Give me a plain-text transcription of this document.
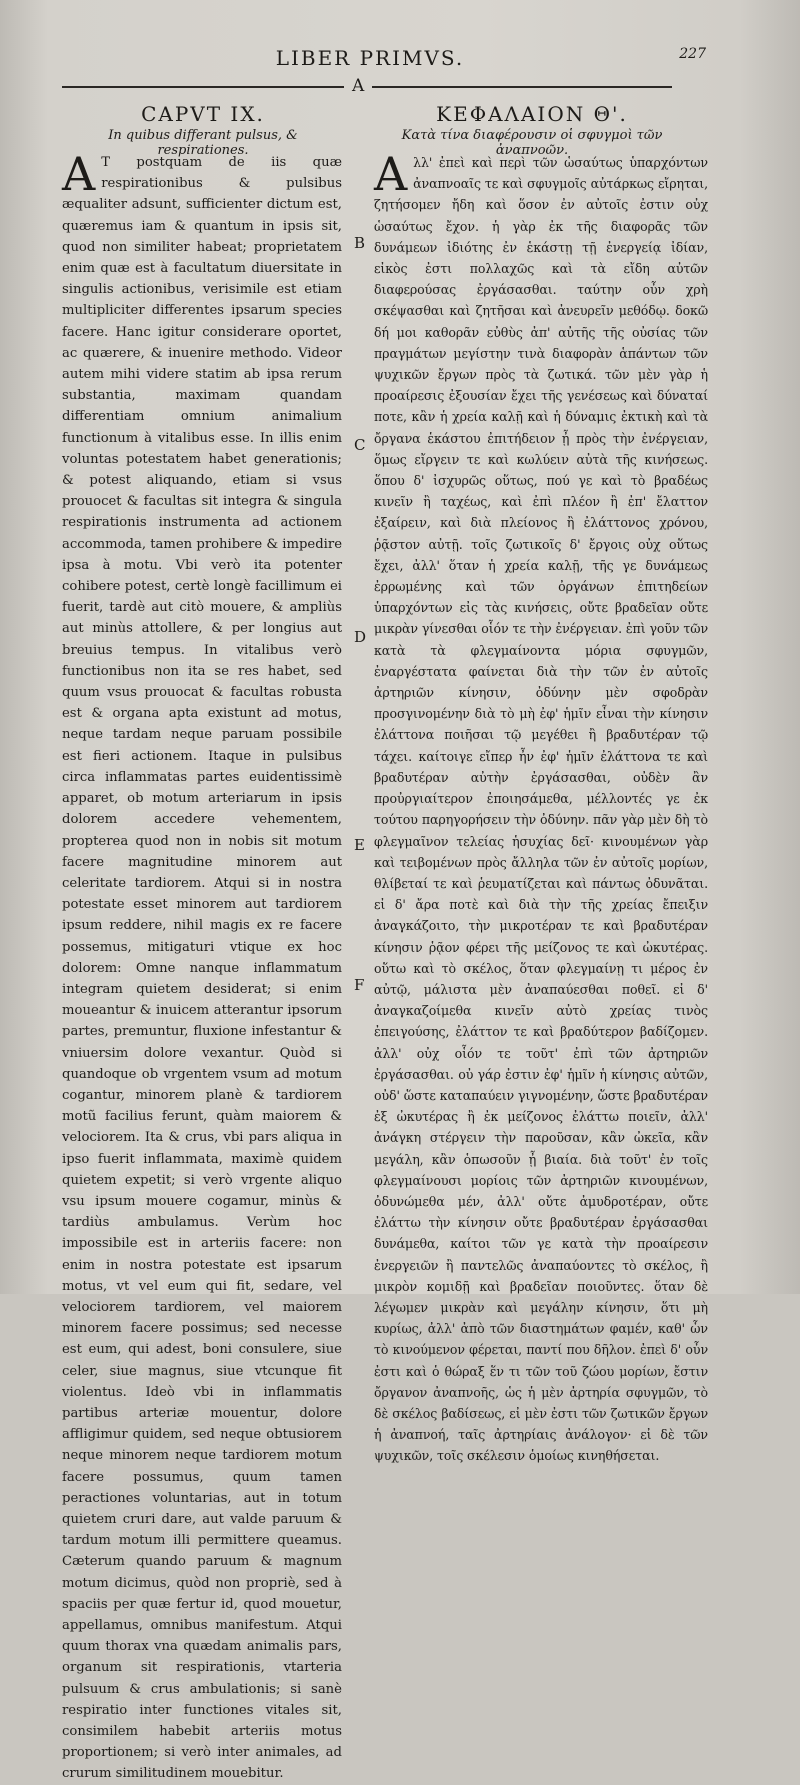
LIBER PRIMVS.	227
A
CAPVT IX.	ΚΕΦΑΛΑΙΟΝ Θ'.
In quibus differant pulsus, & respirationes.
Κατὰ τίνα διαφέρουσιν οἱ σφυγμοὶ τῶν ἀναπνοῶν.

A T postquam de iis quæ respirationibus & pulsibus æqualiter adsunt, sufficienter dictum est, quæremus iam & quantum in ipsis sit, quod non similiter habeat; proprietatem enim quæ est à facultatum diuersitate in singulis actionibus, verisimile est etiam multipliciter differentes ipsarum species facere. Hanc igitur considerare oportet, ac quærere, & inuenire methodo. Videor autem mihi videre statim ab ipsa rerum substantia, maximam quandam differentiam omnium animalium functionum à vitalibus esse. In illis enim voluntas potestatem habet generationis; & potest aliquando, etiam si vsus prouocet & facultas sit integra & singula respirationis instrumenta ad actionem accommoda, tamen prohibere & impedire ipsa à motu. Vbi verò ita potenter cohibere potest, certè longè facillimum ei fuerit, tardè aut citò mouere, & ampliùs aut minùs attollere, & per longius aut breuius tempus. In vitalibus verò functionibus non ita se res habet, sed quum vsus prouocat & facultas robusta est & organa apta existunt ad motus, neque tardam neque paruam possibile est fieri actionem. Itaque in pulsibus circa inflammatas partes euidentissimè apparet, ob motum arteriarum in ipsis dolorem accedere vehementem, propterea quod non in nobis sit motum facere magnitudine minorem aut celeritate tardiorem. Atqui si in nostra potestate esset minorem aut tardiorem ipsum reddere, nihil magis ex re facere possemus, mitigaturi vtique ex hoc dolorem: Omne nanque inflammatum integram quietem desiderat; si enim moueantur & inuicem atterantur ipsorum partes, premuntur, fluxione infestantur & vniuersim dolore vexantur. Quòd si quandoque ob vrgentem vsum ad motum cogantur, minorem planè & tardiorem motũ facilius ferunt, quàm maiorem & velociorem. Ita & crus, vbi pars aliqua in ipso fuerit inflammata, maximè quidem quietem expetit; si verò vrgente aliquo vsu ipsum mouere cogamur, minùs & tardiùs ambulamus. Verùm hoc impossibile est in arteriis facere: non enim in nostra potestate est ipsarum motus, vt vel eum qui fit, sedare, vel velociorem tardiorem, vel maiorem minorem facere possimus; sed necesse est eum, qui adest, boni consulere, siue celer, siue magnus, siue vtcunque fit violentus. Ideò vbi in inflammatis partibus arteriæ mouentur, dolore affligimur quidem, sed neque obtusiorem neque minorem neque tardiorem motum facere possumus, quum tamen peractiones voluntarias, aut in totum quietem cruri dare, aut valde paruum & tardum motum illi permittere queamus. Cæterum quando paruum & magnum motum dicimus, quòd non propriè, sed à spaciis per quæ fertur id, quod mouetur, appellamus, omnibus manifestum. Atqui quum thorax vna quædam animalis pars, organum sit respirationis, vtarteria pulsuum & crus ambulationis; si sanè respiratio inter functiones vitales sit, consimilem habebit arteriis motus proportionem; si verò inter animales, ad crurum similitudinem mouebitur.

Αλλ' ἐπεὶ καὶ περὶ τῶν ὡσαύτως ὑπαρχόντων ἀναπνοαῖς τε καὶ σφυγμοῖς αὐτάρκως εἴρηται, ζητήσομεν ἤδη καὶ ὅσον ἐν αὐτοῖς ἐστιν οὐχ ὡσαύτως ἔχον. ἡ γὰρ ἐκ τῆς διαφορᾶς τῶν δυνάμεων ἰδιότης ἐν ἑκάστῃ τῇ ἐνεργείᾳ ἰδίαν, εἰκὸς ἐστι πολλαχῶς καὶ τὰ εἴδη αὐτῶν διαφερούσας ἐργάσασθαι. ταύτην οὖν χρὴ σκέψασθαι καὶ ζητῆσαι καὶ ἀνευρεῖν μεθόδῳ. δοκῶ δή μοι καθορᾶν εὐθὺς ἀπ' αὐτῆς τῆς οὐσίας τῶν πραγμάτων μεγίστην τινὰ διαφορὰν ἁπάντων τῶν ψυχικῶν ἔργων πρὸς τὰ ζωτικά. τῶν μὲν γὰρ ἡ προαίρεσις ἐξουσίαν ἔχει τῆς γενέσεως καὶ δύναταί ποτε, κἂν ἡ χρεία καλῇ καὶ ἡ δύναμις ἐκτικὴ καὶ τὰ ὄργανα ἑκάστου ἐπιτήδειον ᾖ πρὸς τὴν ἐνέργειαν, ὅμως εἴργειν τε καὶ κωλύειν αὐτὰ τῆς κινήσεως. ὅπου δ' ἰσχυρῶς οὕτως, πού γε καὶ τὸ βραδέως κινεῖν ἢ ταχέως, καὶ ἐπὶ πλέον ἢ ἐπ' ἔλαττον ἐξαίρειν, καὶ διὰ πλείονος ἢ ἐλάττονος χρόνου, ῥᾷστον αὐτῇ. τοῖς ζωτικοῖς δ' ἔργοις οὐχ οὕτως ἔχει, ἀλλ' ὅταν ἡ χρεία καλῇ, τῆς γε δυνάμεως ἐρρωμένης καὶ τῶν ὀργάνων ἐπιτηδείων ὑπαρχόντων εἰς τὰς κινήσεις, οὔτε βραδεῖαν οὔτε μικρὰν γίνεσθαι οἷόν τε τὴν ἐνέργειαν. ἐπὶ γοῦν τῶν κατὰ τὰ φλεγμαίνοντα μόρια σφυγμῶν, ἐναργέστατα φαίνεται διὰ τὴν τῶν ἐν αὐτοῖς ἀρτηριῶν κίνησιν, ὀδύνην μὲν σφοδρὰν προσγινομένην διὰ τὸ μὴ ἐφ' ἡμῖν εἶναι τὴν κίνησιν ἐλάττονα ποιῆσαι τῷ μεγέθει ἢ βραδυτέραν τῷ τάχει. καίτοιγε εἴπερ ἦν ἐφ' ἡμῖν ἐλάττονα τε καὶ βραδυτέραν αὐτὴν ἐργάσασθαι, οὐδὲν ἂν προὐργιαίτερον ἐποιησάμεθα, μέλλοντές γε ἐκ τούτου παρηγορήσειν τὴν ὀδύνην. πᾶν γὰρ μὲν δὴ τὸ φλεγμαῖνον τελείας ἡσυχίας δεῖ· κινουμένων γὰρ καὶ τειβομένων πρὸς ἄλληλα τῶν ἐν αὐτοῖς μορίων, θλίβεταί τε καὶ ῥευματίζεται καὶ πάντως ὀδυνᾶται. εἰ δ' ἄρα ποτὲ καὶ διὰ τὴν τῆς χρείας ἔπειξιν ἀναγκάζοιτο, τὴν μικροτέραν τε καὶ βραδυτέραν κίνησιν ῥᾷον φέρει τῆς μείζονος τε καὶ ὠκυτέρας. οὕτω καὶ τὸ σκέλος, ὅταν φλεγμαίνῃ τι μέρος ἐν αὐτῷ, μάλιστα μὲν ἀναπαύεσθαι ποθεῖ. εἰ δ' ἀναγκαζοίμεθα κινεῖν αὐτὸ χρείας τινὸς ἐπειγούσης, ἐλάττον τε καὶ βραδύτερον βαδίζομεν. ἀλλ' οὐχ οἷόν τε τοῦτ' ἐπὶ τῶν ἀρτηριῶν ἐργάσασθαι. οὐ γάρ ἐστιν ἐφ' ἡμῖν ἡ κίνησις αὐτῶν, οὐδ' ὥστε καταπαύειν γιγνομένην, ὥστε βραδυτέραν ἐξ ὠκυτέρας ἢ ἐκ μείζονος ἐλάττω ποιεῖν, ἀλλ' ἀνάγκη στέργειν τὴν παροῦσαν, κἂν ὠκεῖα, κἂν μεγάλη, κἂν ὁπωσοῦν ᾖ βιαία. διὰ τοῦτ' ἐν τοῖς φλεγμαίνουσι μορίοις τῶν ἀρτηριῶν κινουμένων, ὀδυνώμεθα μέν, ἀλλ' οὔτε ἀμυδροτέραν, οὔτε ἐλάττω τὴν κίνησιν οὔτε βραδυτέραν ἐργάσασθαι δυνάμεθα, καίτοι τῶν γε κατὰ τὴν προαίρεσιν ἐνεργειῶν ἢ παντελῶς ἀναπαύοντες τὸ σκέλος, ἢ μικρὸν κομιδῇ καὶ βραδεῖαν ποιοῦντες. ὅταν δὲ λέγωμεν μικρὰν καὶ μεγάλην κίνησιν, ὅτι μὴ κυρίως, ἀλλ' ἀπὸ τῶν διαστημάτων φαμέν, καθ' ὧν τὸ κινούμενον φέρεται, παντί που δῆλον. ἐπεὶ δ' οὖν ἐστι καὶ ὁ θώραξ ἕν τι τῶν τοῦ ζώου μορίων, ἔστιν ὄργανον ἀναπνοῆς, ὡς ἡ μὲν ἀρτηρία σφυγμῶν, τὸ δὲ σκέλος βαδίσεως, εἰ μὲν ἐστι τῶν ζωτικῶν ἔργων ἡ ἀναπνοή, ταῖς ἀρτηρίαις ἀνάλογον· εἰ δὲ τῶν ψυχικῶν, τοῖς σκέλεσιν ὁμοίως κινηθήσεται.

B
C
D
E
F
